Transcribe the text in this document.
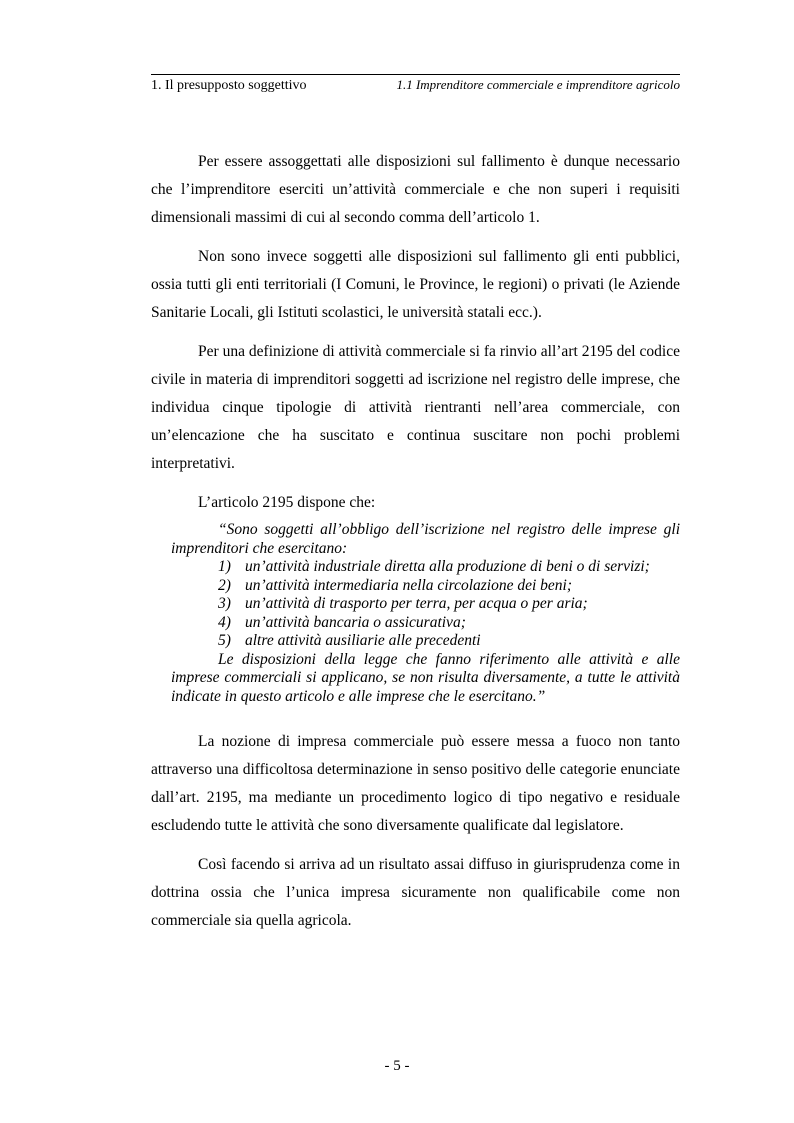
1. Il presupposto soggettivo	1.1 Imprenditore commerciale e imprenditore agricolo

Per essere assoggettati alle disposizioni sul fallimento è dunque necessario che l’imprenditore eserciti un’attività commerciale e che non superi i requisiti dimensionali massimi di cui al secondo comma dell’articolo 1.

Non sono invece soggetti alle disposizioni sul fallimento gli enti pubblici, ossia tutti gli enti territoriali (I Comuni, le Province, le regioni) o privati (le Aziende Sanitarie Locali, gli Istituti scolastici, le università statali ecc.).

Per una definizione di attività commerciale si fa rinvio all’art 2195 del codice civile in materia di imprenditori soggetti ad iscrizione nel registro delle imprese, che individua cinque tipologie di attività rientranti nell’area commerciale, con un’elencazione che ha suscitato e continua suscitare non pochi problemi interpretativi.

L’articolo 2195 dispone che:

“Sono soggetti all’obbligo dell’iscrizione nel registro delle imprese gli imprenditori che esercitano:

1) un’attività industriale diretta alla produzione di beni o di servizi;
2) un’attività intermediaria nella circolazione dei beni;
3) un’attività di trasporto per terra, per acqua o per aria;
4) un’attività bancaria o assicurativa;
5) altre attività ausiliarie alle precedenti

Le disposizioni della legge che fanno riferimento alle attività e alle imprese commerciali si applicano, se non risulta diversamente, a tutte le attività indicate in questo articolo e alle imprese che le esercitano.”

La nozione di impresa commerciale può essere messa a fuoco non tanto attraverso una difficoltosa determinazione in senso positivo delle categorie enunciate dall’art. 2195, ma mediante un procedimento logico di tipo negativo e residuale escludendo tutte le attività che sono diversamente qualificate dal legislatore.

Così facendo si arriva ad un risultato assai diffuso in giurisprudenza come in dottrina ossia che l’unica impresa sicuramente non qualificabile come non commerciale sia quella agricola.

- 5 -
